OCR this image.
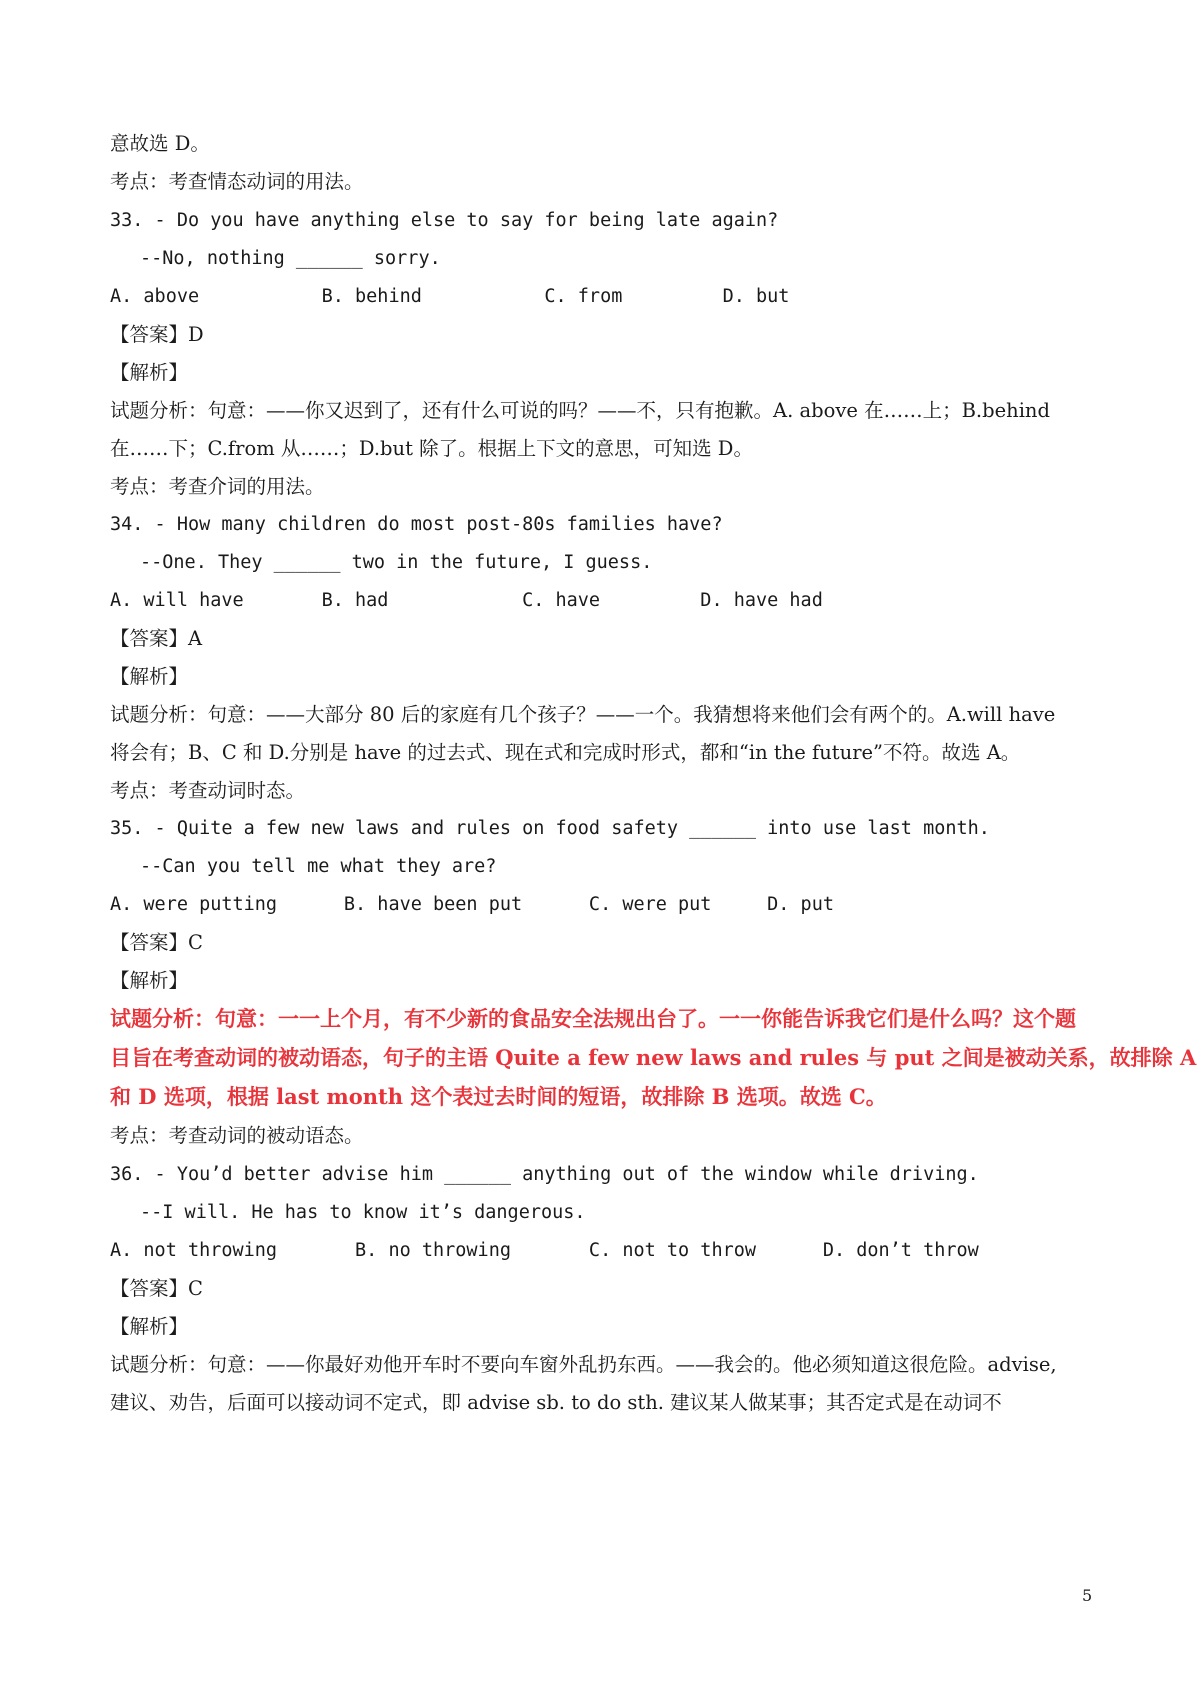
意故选 D。
考点：考查情态动词的用法。
33. - Do you have anything else to say for being late again?
--No, nothing ______ sorry.
A. above           B. behind           C. from         D. but
【答案】D
【解析】
试题分析：句意：——你又迟到了，还有什么可说的吗？——不，只有抱歉。A. above 在……上；B.behind
在……下；C.from 从……；D.but 除了。根据上下文的意思，可知选 D。
考点：考查介词的用法。
34. - How many children do most post-80s families have?
--One. They ______ two in the future, I guess.
A. will have       B. had            C. have         D. have had
【答案】A
【解析】
试题分析：句意：——大部分 80 后的家庭有几个孩子？——一个。我猜想将来他们会有两个的。A.will have
将会有；B、C 和 D.分别是 have 的过去式、现在式和完成时形式，都和“in the future”不符。故选 A。
考点：考查动词时态。
35. - Quite a few new laws and rules on food safety ______ into use last month.
--Can you tell me what they are?
A. were putting      B. have been put      C. were put     D. put
【答案】C
【解析】
试题分析：句意：一一上个月，有不少新的食品安全法规出台了。一一你能告诉我它们是什么吗？这个题
目旨在考查动词的被动语态，句子的主语 Quite a few new laws and rules 与 put 之间是被动关系，故排除 A
和 D 选项，根据 last month 这个表过去时间的短语，故排除 B 选项。故选 C。
考点：考查动词的被动语态。
36. - You’d better advise him ______ anything out of the window while driving.
--I will. He has to know it’s dangerous.
A. not throwing       B. no throwing       C. not to throw      D. don’t throw
【答案】C
【解析】
试题分析：句意：——你最好劝他开车时不要向车窗外乱扔东西。——我会的。他必须知道这很危险。advise,
建议、劝告，后面可以接动词不定式，即 advise sb. to do sth. 建议某人做某事；其否定式是在动词不
5
